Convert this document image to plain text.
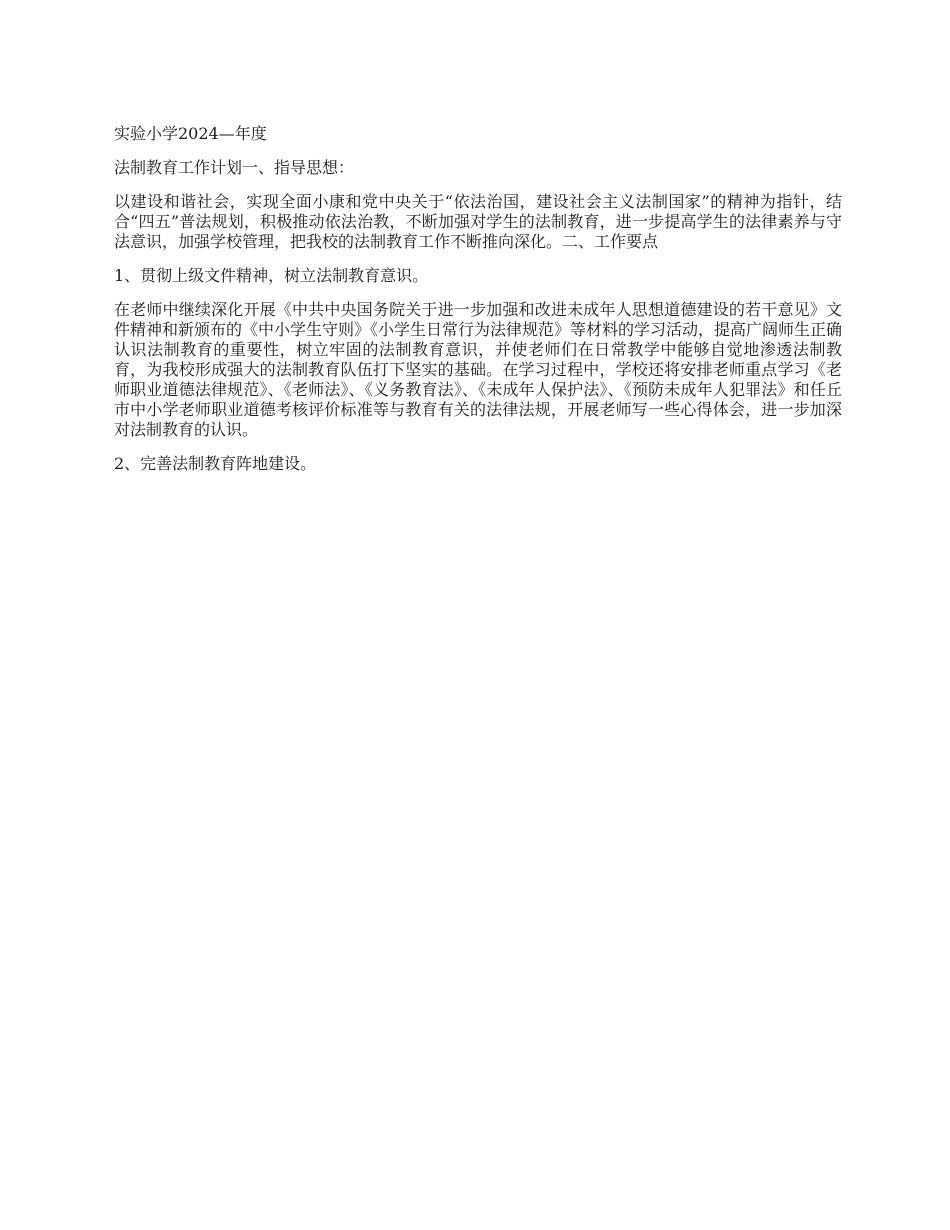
实验小学2024—年度

法制教育工作计划一、指导思想：

以建设和谐社会，实现全面小康和党中央关于“依法治国，建设社会主义法制国家”的精神为指针，结合“四五”普法规划，积极推动依法治教，不断加强对学生的法制教育，进一步提高学生的法律素养与守法意识，加强学校管理，把我校的法制教育工作不断推向深化。二、工作要点

1、贯彻上级文件精神，树立法制教育意识。

在老师中继续深化开展《中共中央国务院关于进一步加强和改进未成年人思想道德建设的若干意见》文件精神和新颁布的《中小学生守则》《小学生日常行为法律规范》等材料的学习活动，提高广阔师生正确认识法制教育的重要性，树立牢固的法制教育意识，并使老师们在日常教学中能够自觉地渗透法制教育，为我校形成强大的法制教育队伍打下坚实的基础。在学习过程中，学校还将安排老师重点学习《老师职业道德法律规范》、《老师法》、《义务教育法》、《未成年人保护法》、《预防未成年人犯罪法》和任丘市中小学老师职业道德考核评价标准等与教育有关的法律法规，开展老师写一些心得体会，进一步加深对法制教育的认识。

2、完善法制教育阵地建设。
